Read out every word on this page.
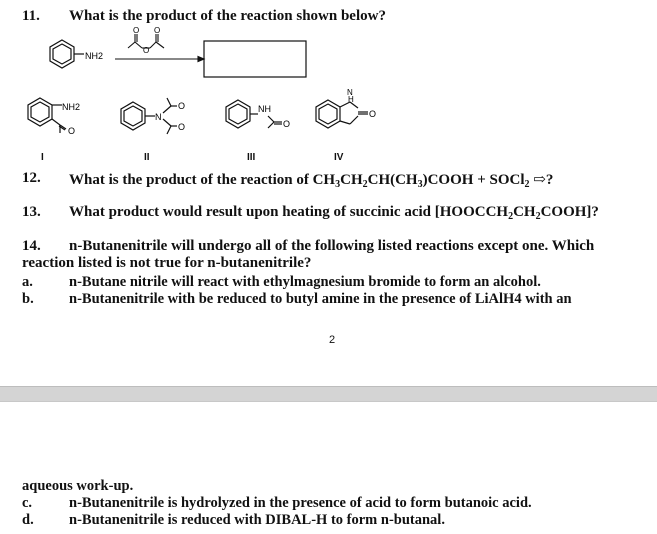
11. What is the product of the reaction shown below?
NH2
O O
O
NH2
O
N
O
O
NH
O
N
H
O
I	II	III	IV
12. What is the product of the reaction of $CH_3CH_2CH(CH_3)COOH$ + SOCl$_2$ ⇨?
13. What product would result upon heating of succinic acid $[HOOCCH_2CH_2COOH]$?
14. n-Butanenitrile will undergo all of the following listed reactions except one. Which
reaction listed is not true for n-butanenitrile?
a. n-Butane nitrile will react with ethylmagnesium bromide to form an alcohol.
b. n-Butanenitrile with be reduced to butyl amine in the presence of LiAlH4 with an
2
aqueous work-up.
c.	n-Butanenitrile is hydrolyzed in the presence of acid to form butanoic acid.
d. n-Butanenitrile is reduced with DIBAL-H to form n-butanal.
